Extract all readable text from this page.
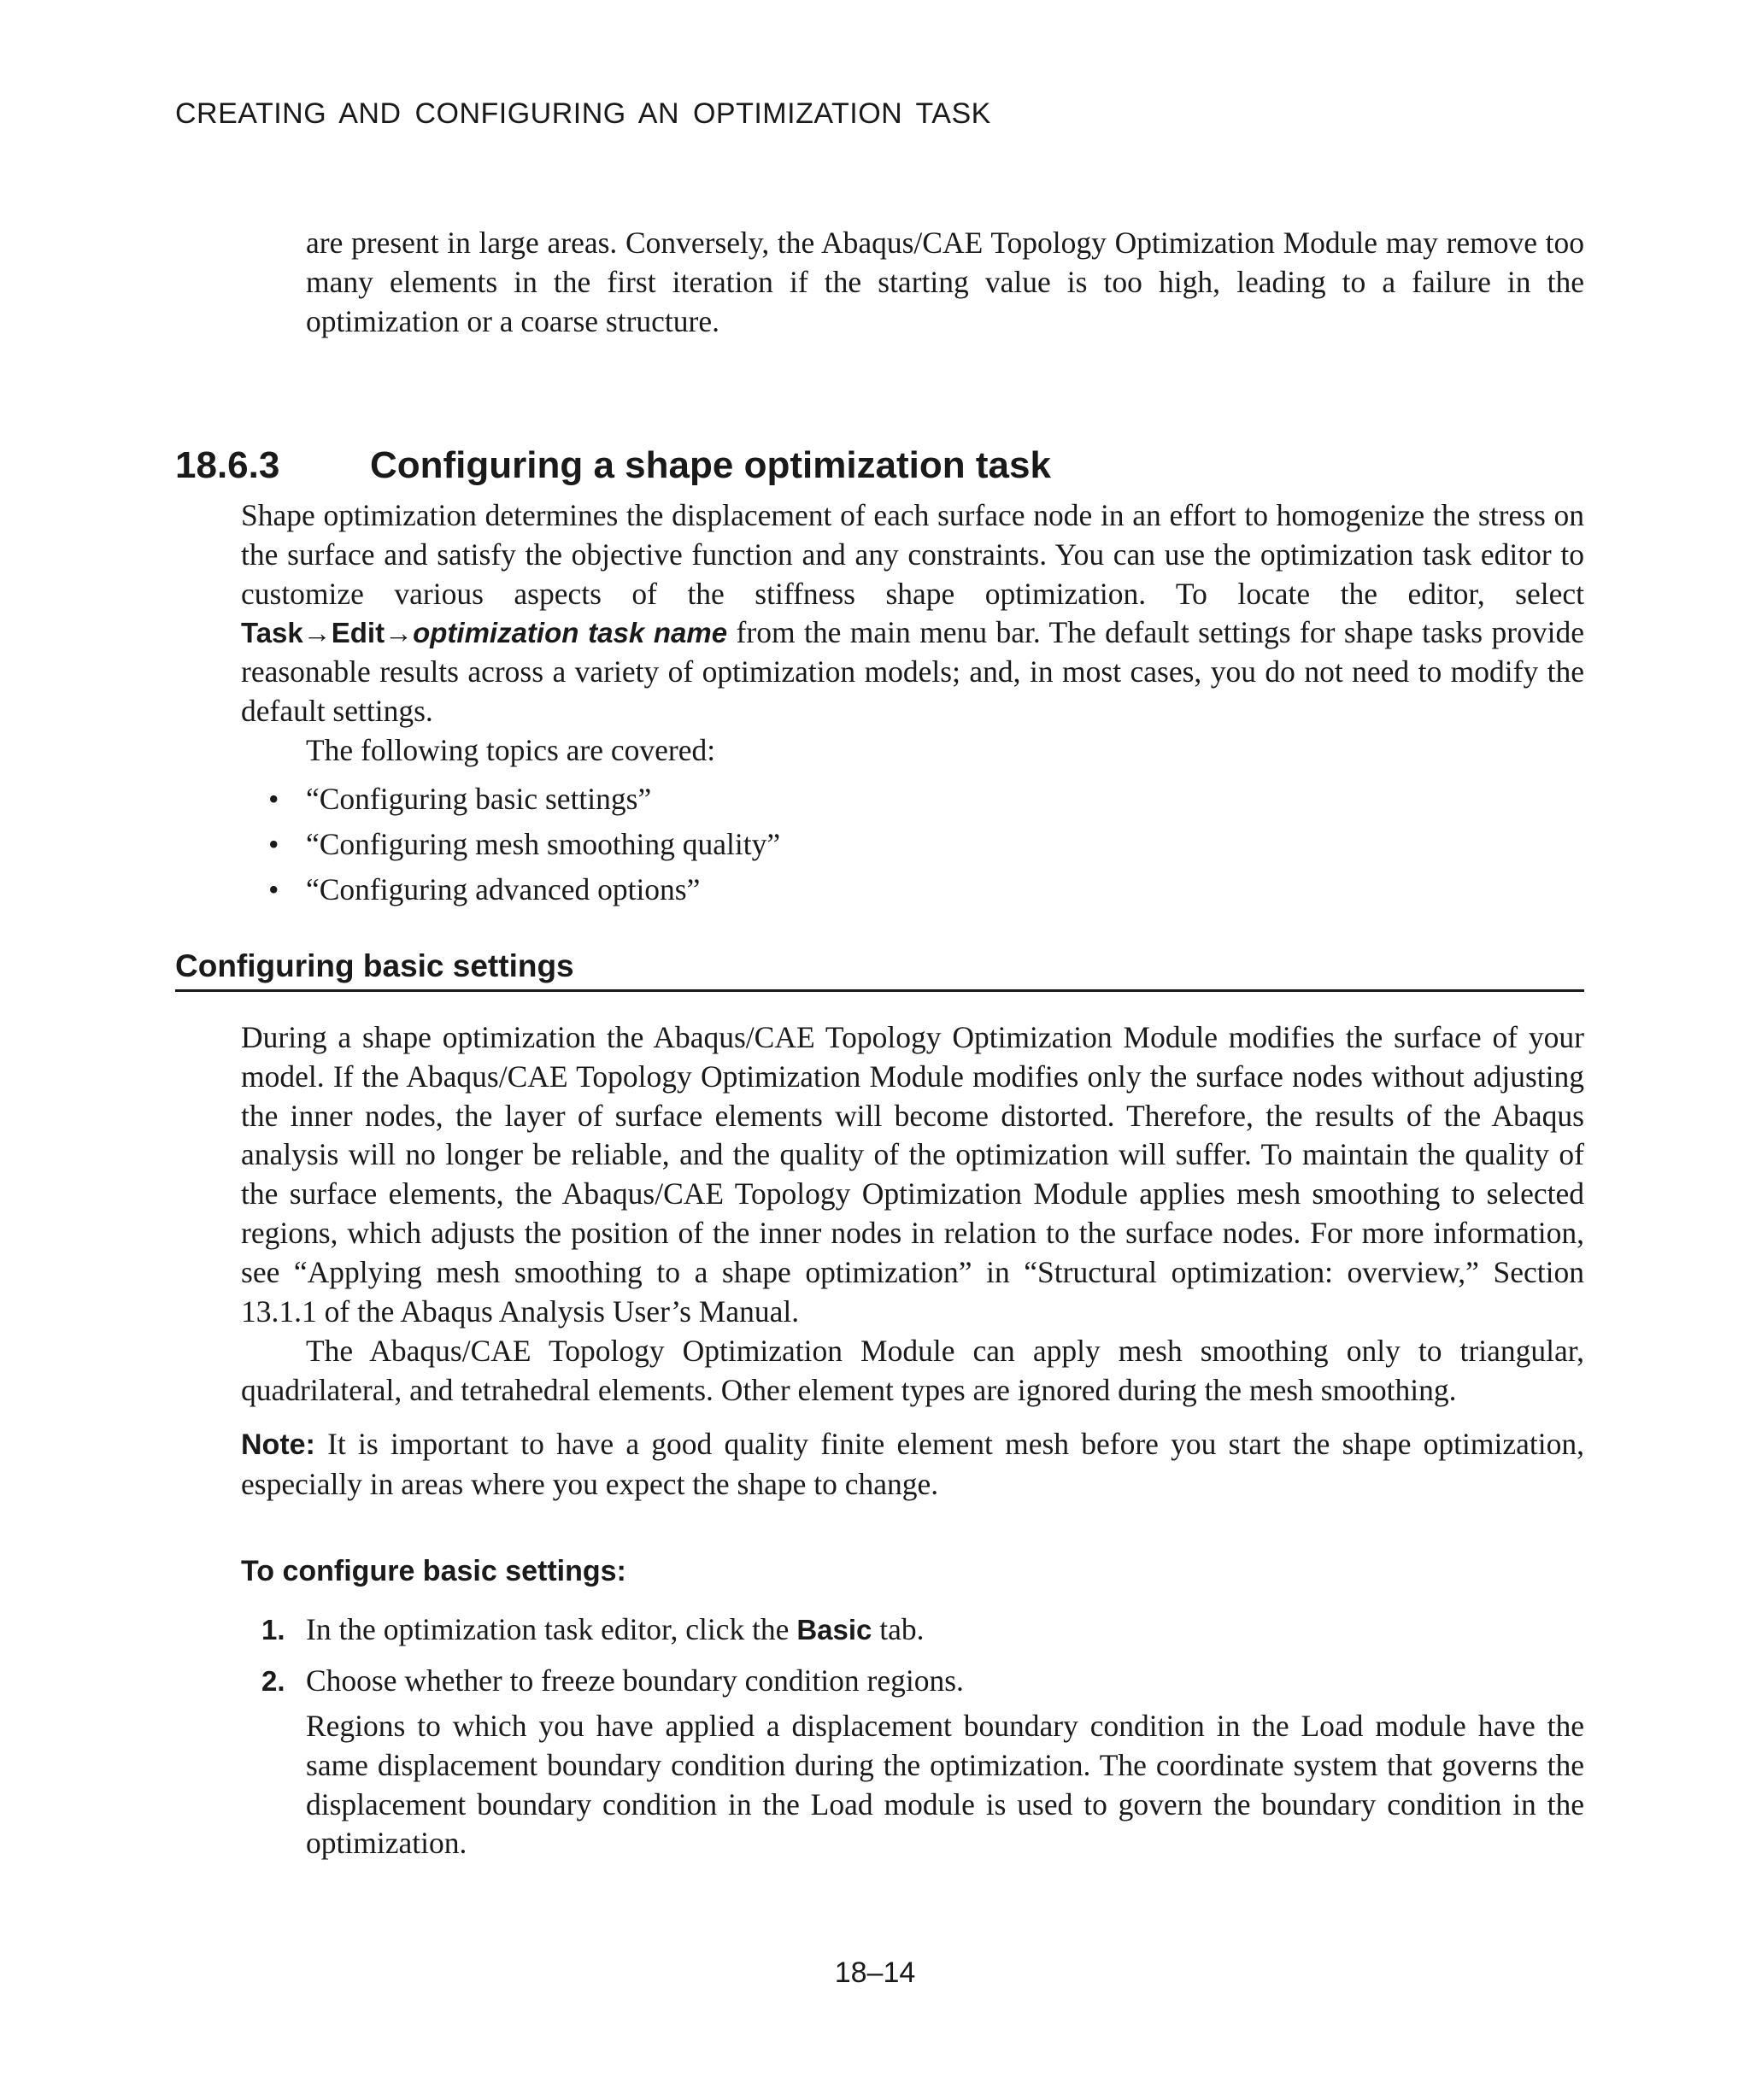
CREATING AND CONFIGURING AN OPTIMIZATION TASK

are present in large areas. Conversely, the Abaqus/CAE Topology Optimization Module may remove too many elements in the first iteration if the starting value is too high, leading to a failure in the optimization or a coarse structure.

18.6.3 Configuring a shape optimization task

Shape optimization determines the displacement of each surface node in an effort to homogenize the stress on the surface and satisfy the objective function and any constraints. You can use the optimization task editor to customize various aspects of the stiffness shape optimization. To locate the editor, select Task→Edit→optimization task name from the main menu bar. The default settings for shape tasks provide reasonable results across a variety of optimization models; and, in most cases, you do not need to modify the default settings.

The following topics are covered:

• “Configuring basic settings”
• “Configuring mesh smoothing quality”
• “Configuring advanced options”
Configuring basic settings

During a shape optimization the Abaqus/CAE Topology Optimization Module modifies the surface of your model. If the Abaqus/CAE Topology Optimization Module modifies only the surface nodes without adjusting the inner nodes, the layer of surface elements will become distorted. Therefore, the results of the Abaqus analysis will no longer be reliable, and the quality of the optimization will suffer. To maintain the quality of the surface elements, the Abaqus/CAE Topology Optimization Module applies mesh smoothing to selected regions, which adjusts the position of the inner nodes in relation to the surface nodes. For more information, see “Applying mesh smoothing to a shape optimization” in “Structural optimization: overview,” Section 13.1.1 of the Abaqus Analysis User’s Manual.

The Abaqus/CAE Topology Optimization Module can apply mesh smoothing only to triangular, quadrilateral, and tetrahedral elements. Other element types are ignored during the mesh smoothing.

Note: It is important to have a good quality finite element mesh before you start the shape optimization, especially in areas where you expect the shape to change.

To configure basic settings:
1. In the optimization task editor, click the Basic tab.
2. Choose whether to freeze boundary condition regions.

Regions to which you have applied a displacement boundary condition in the Load module have the same displacement boundary condition during the optimization. The coordinate system that governs the displacement boundary condition in the Load module is used to govern the boundary condition in the optimization.

18–14
